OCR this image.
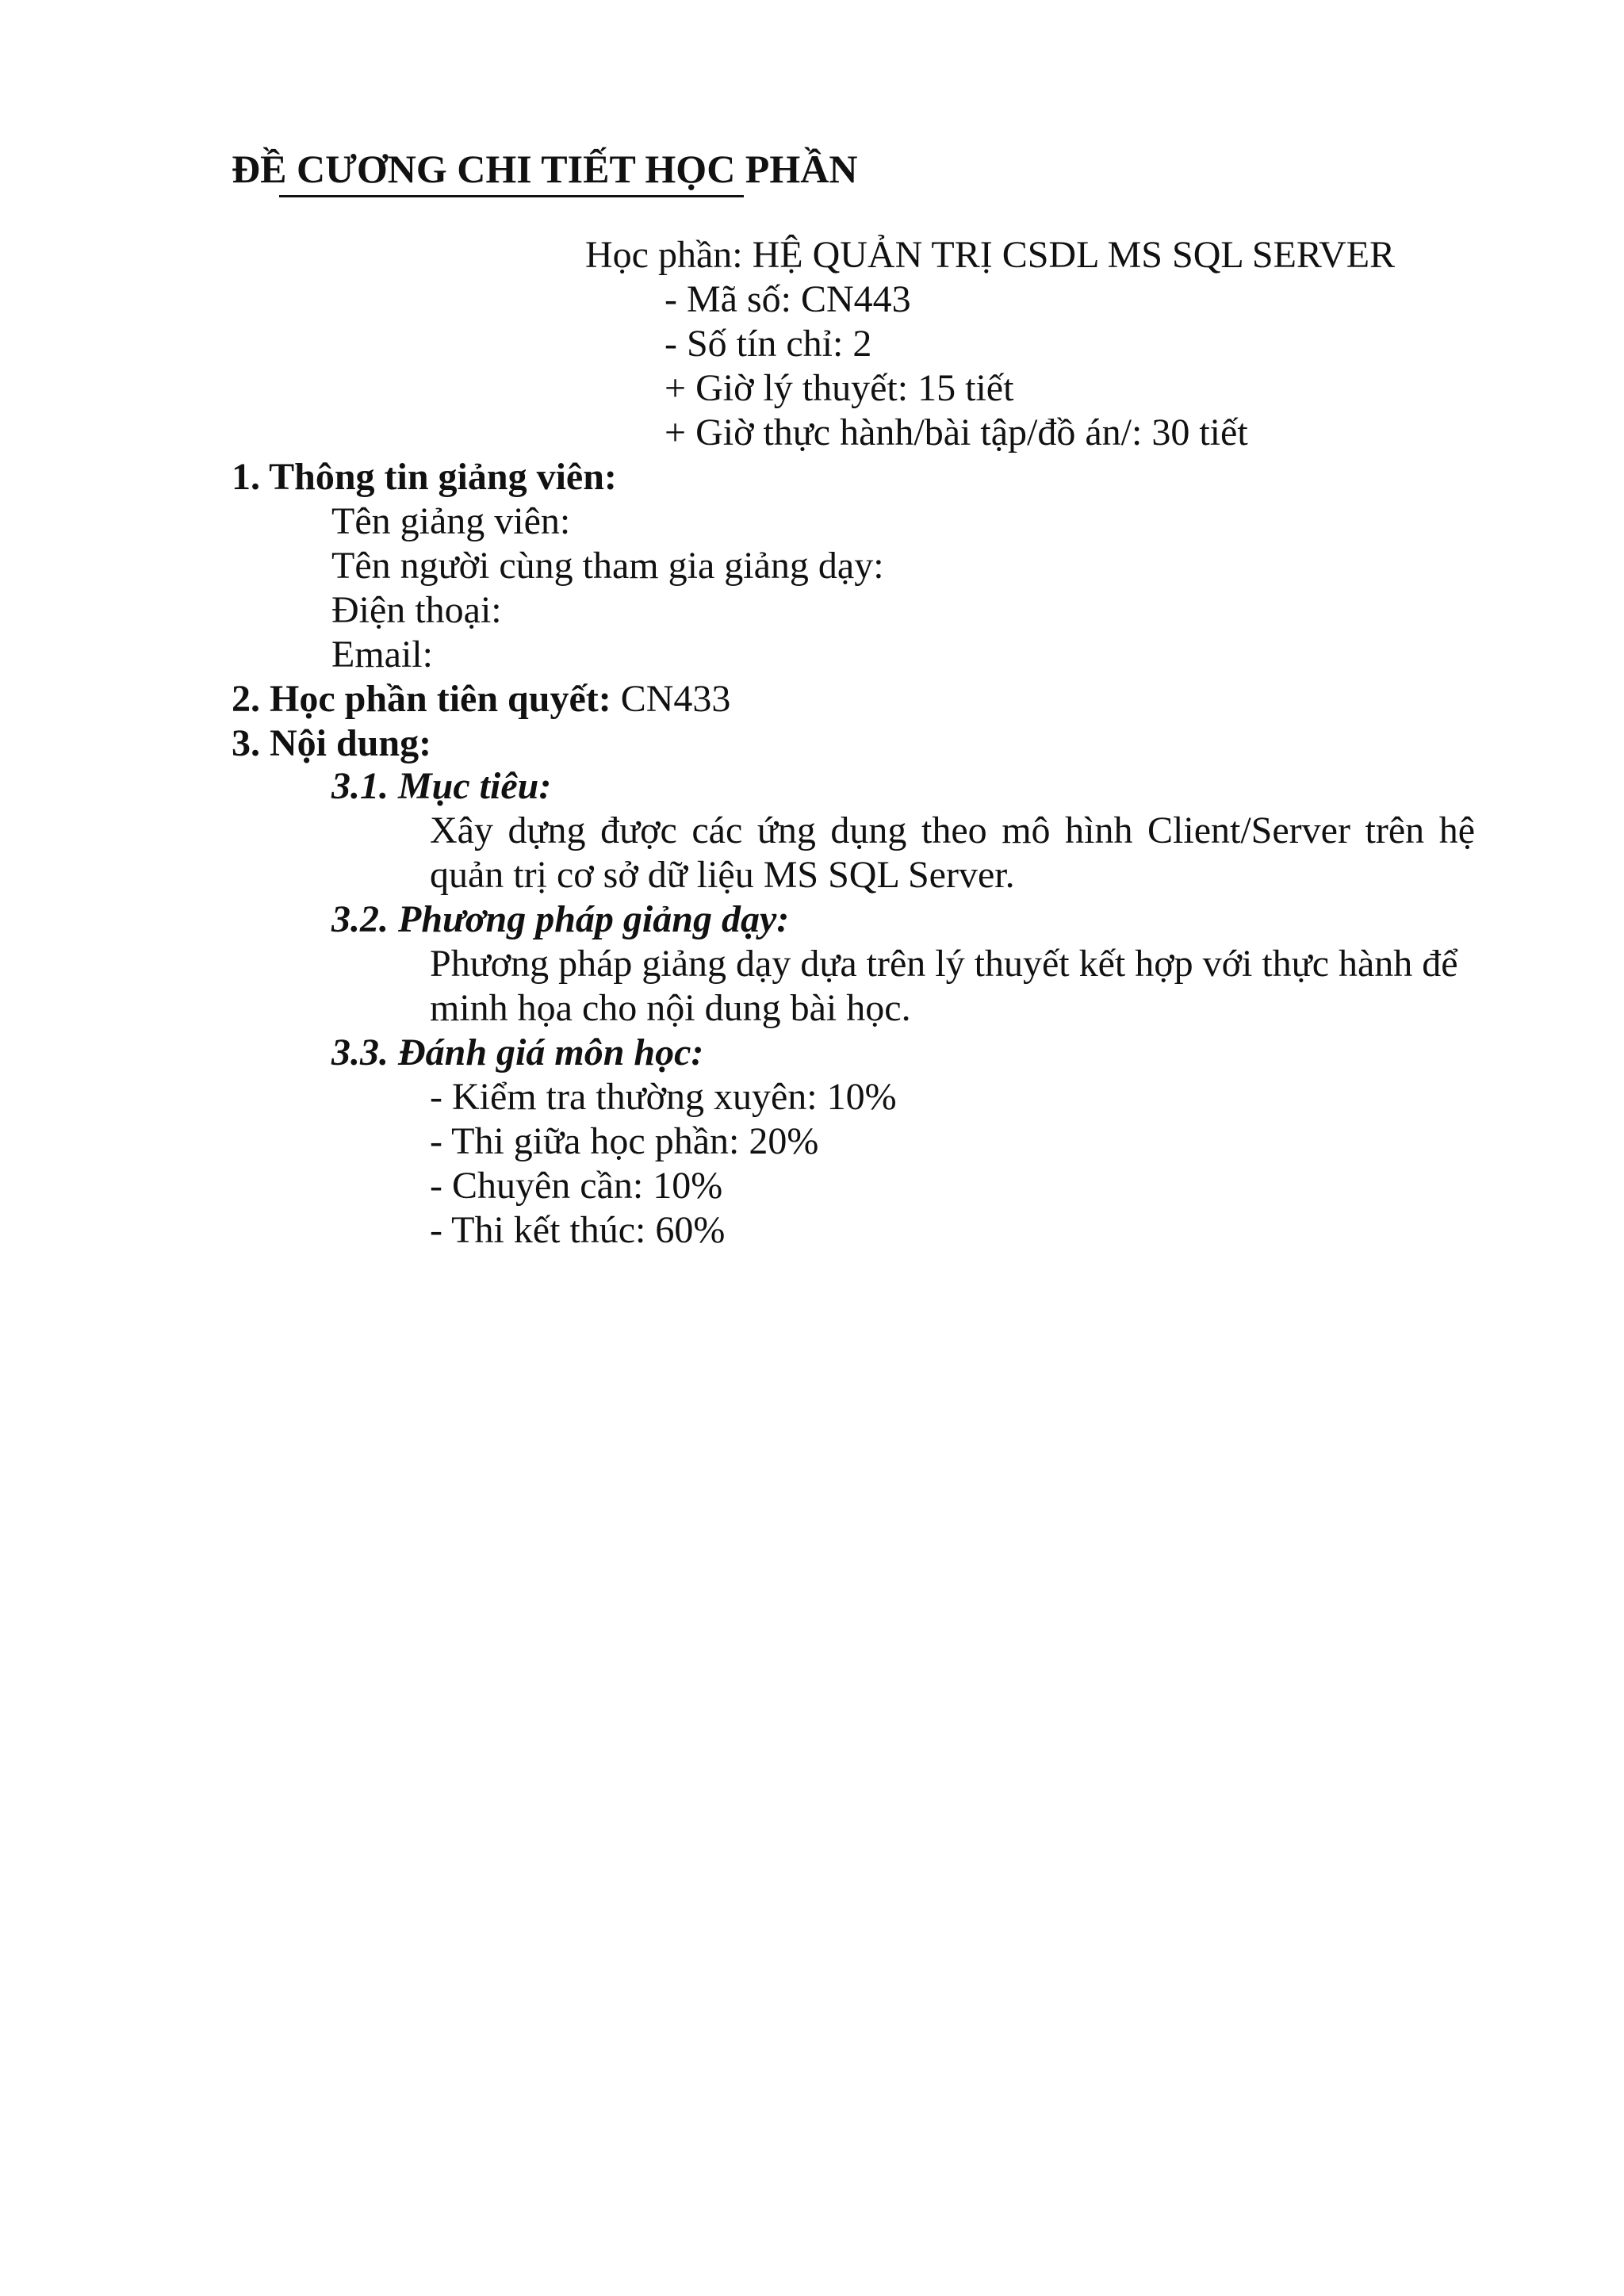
ĐỀ CƯƠNG CHI TIẾT HỌC PHẦN
Học phần: HỆ QUẢN TRỊ CSDL MS SQL SERVER
- Mã số: CN443
- Số tín chỉ: 2
+ Giờ lý thuyết: 15 tiết
+ Giờ thực hành/bài tập/đồ án/: 30 tiết
1. Thông tin giảng viên:
Tên giảng viên:
Tên người cùng tham gia giảng dạy:
Điện thoại:
Email:
2. Học phần tiên quyết: CN433
3. Nội dung:
3.1. Mục tiêu:
Xây dựng được các ứng dụng theo mô hình Client/Server trên hệ
quản trị cơ sở dữ liệu MS SQL Server.
3.2. Phương pháp giảng dạy:
Phương pháp giảng dạy dựa trên lý thuyết kết hợp với thực hành để
minh họa cho nội dung bài học.
3.3. Đánh giá môn học:
- Kiểm tra thường xuyên: 10%
- Thi giữa học phần: 20%
- Chuyên cần: 10%
- Thi kết thúc: 60%
